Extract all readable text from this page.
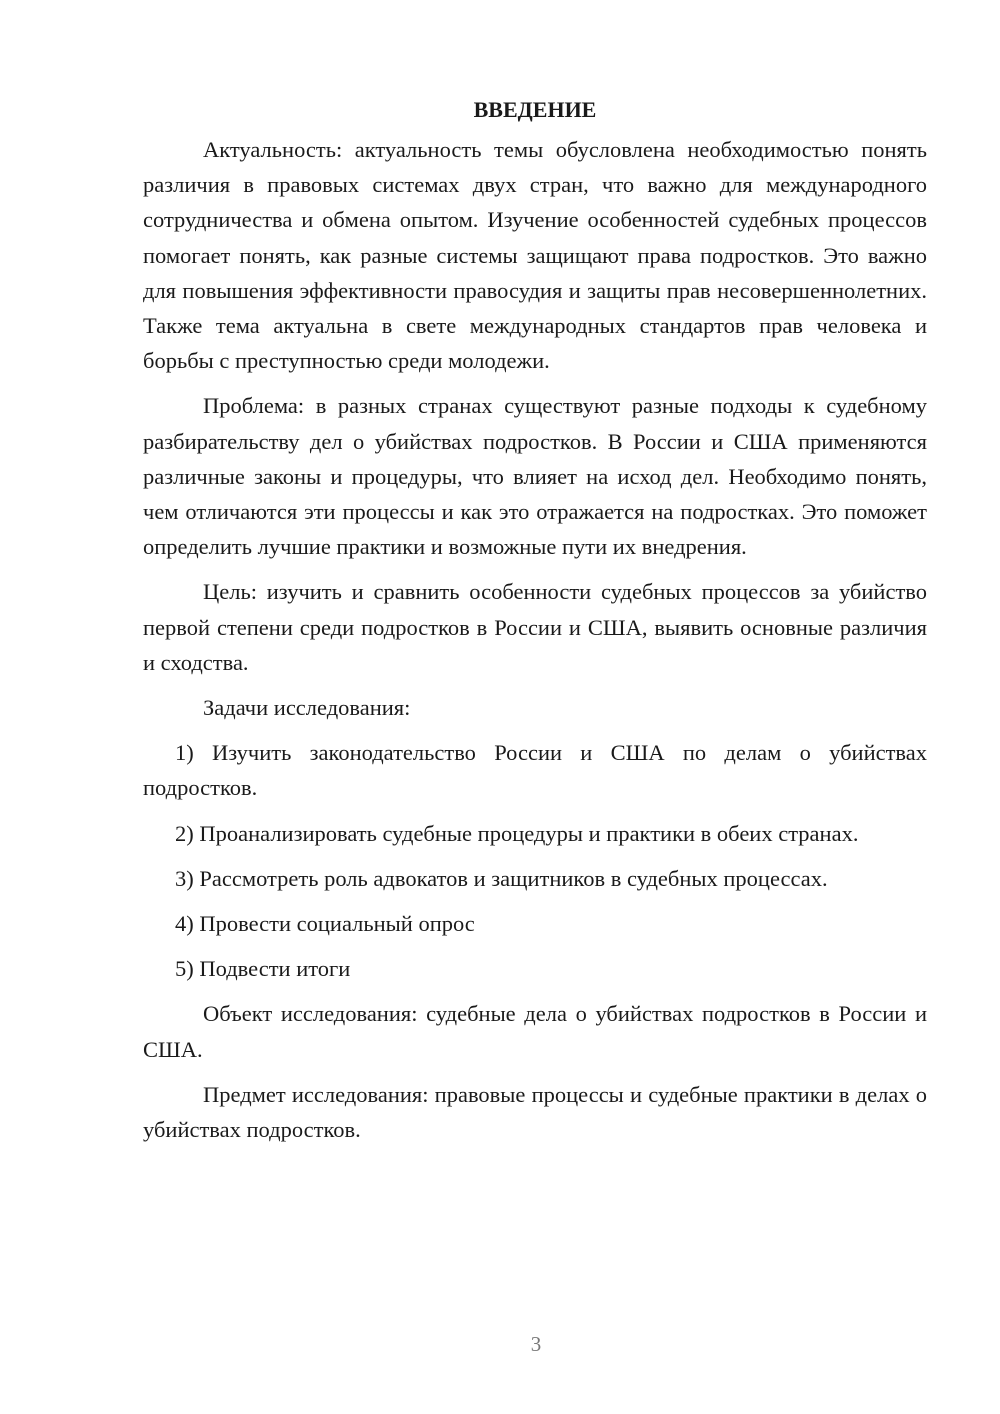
ВВЕДЕНИЕ

Актуальность: актуальность темы обусловлена необходимостью понять различия в правовых системах двух стран, что важно для международного сотрудничества и обмена опытом. Изучение особенностей судебных процессов помогает понять, как разные системы защищают права подростков. Это важно для повышения эффективности правосудия и защиты прав несовершеннолетних. Также тема актуальна в свете международных стандартов прав человека и борьбы с преступностью среди молодежи.

Проблема: в разных странах существуют разные подходы к судебному разбирательству дел о убийствах подростков. В России и США применяются различные законы и процедуры, что влияет на исход дел. Необходимо понять, чем отличаются эти процессы и как это отражается на подростках. Это поможет определить лучшие практики и возможные пути их внедрения.

Цель: изучить и сравнить особенности судебных процессов за убийство первой степени среди подростков в России и США, выявить основные различия и сходства.

Задачи исследования:

1) Изучить законодательство России и США по делам о убийствах подростков.

2) Проанализировать судебные процедуры и практики в обеих странах.

3) Рассмотреть роль адвокатов и защитников в судебных процессах.

4) Провести социальный опрос

5) Подвести итоги

Объект исследования: судебные дела о убийствах подростков в России и США.

Предмет исследования: правовые процессы и судебные практики в делах о убийствах подростков.

3
